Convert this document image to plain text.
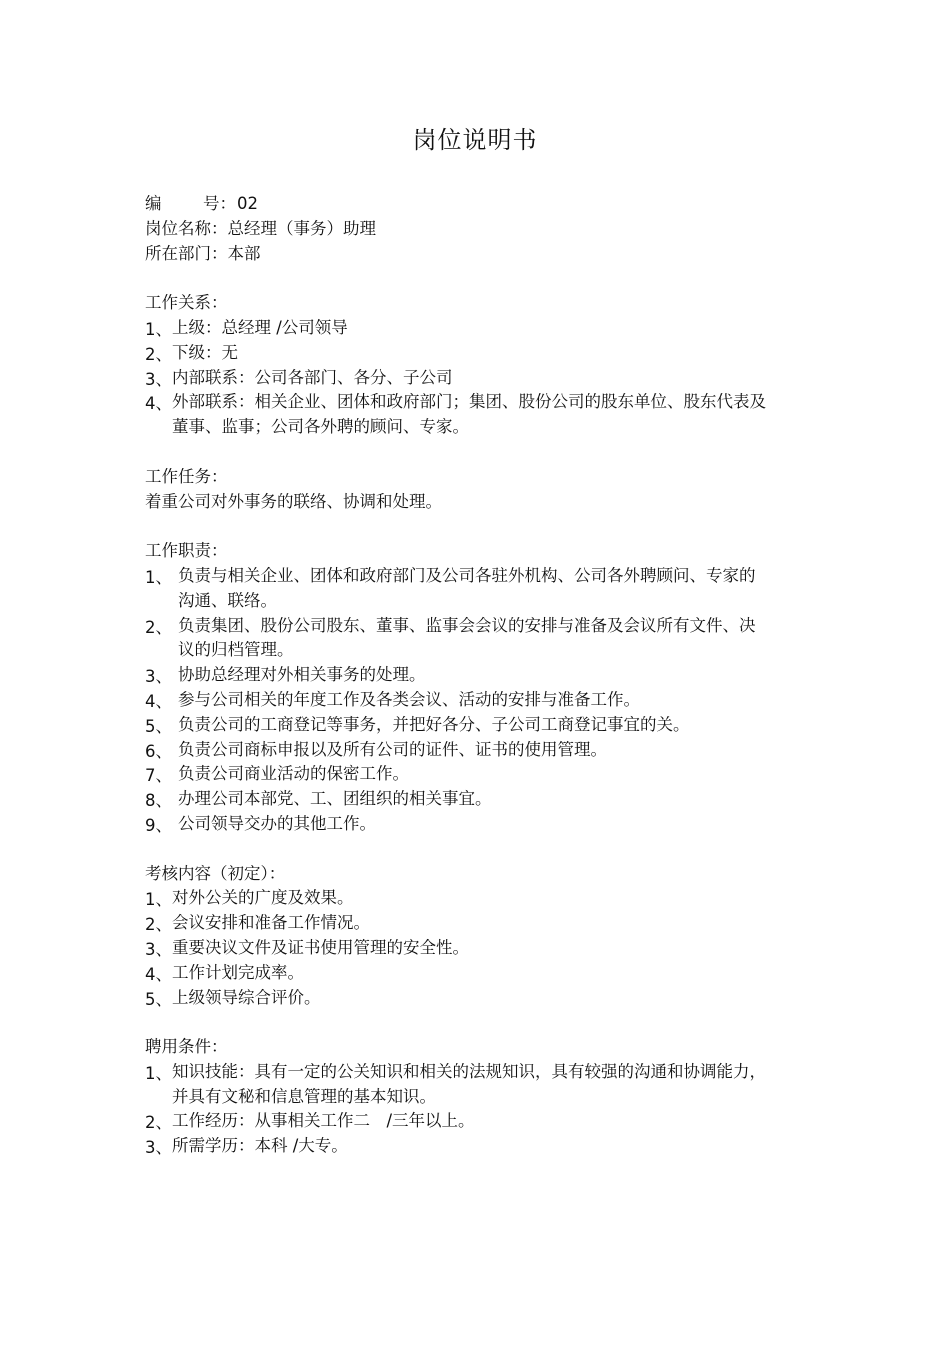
岗位说明书
编	号：02
岗位名称：总经理（事务）助理
所在部门：本部
工作关系：
1、 上级：总经理 /公司领导
2、 下级：无
3、 内部联系：公司各部门、各分、子公司
4、 外部联系：相关企业、团体和政府部门；集团、股份公司的股东单位、股东代表及董事、监事；公司各外聘的顾问、专家。
工作任务：
着重公司对外事务的联络、协调和处理。
工作职责：
1、 负责与相关企业、团体和政府部门及公司各驻外机构、公司各外聘顾问、专家的沟通、联络。
2、 负责集团、股份公司股东、董事、监事会会议的安排与准备及会议所有文件、决议的归档管理。
3、 协助总经理对外相关事务的处理。
4、 参与公司相关的年度工作及各类会议、活动的安排与准备工作。
5、 负责公司的工商登记等事务，并把好各分、子公司工商登记事宜的关。
6、 负责公司商标申报以及所有公司的证件、证书的使用管理。
7、 负责公司商业活动的保密工作。
8、 办理公司本部党、工、团组织的相关事宜。
9、 公司领导交办的其他工作。
考核内容（初定）：
1、 对外公关的广度及效果。
2、 会议安排和准备工作情况。
3、 重要决议文件及证书使用管理的安全性。
4、 工作计划完成率。
5、 上级领导综合评价。
聘用条件：
1、 知识技能：具有一定的公关知识和相关的法规知识，具有较强的沟通和协调能力，并具有文秘和信息管理的基本知识。
2、 工作经历：从事相关工作二　/三年以上。
3、 所需学历：本科 /大专。
